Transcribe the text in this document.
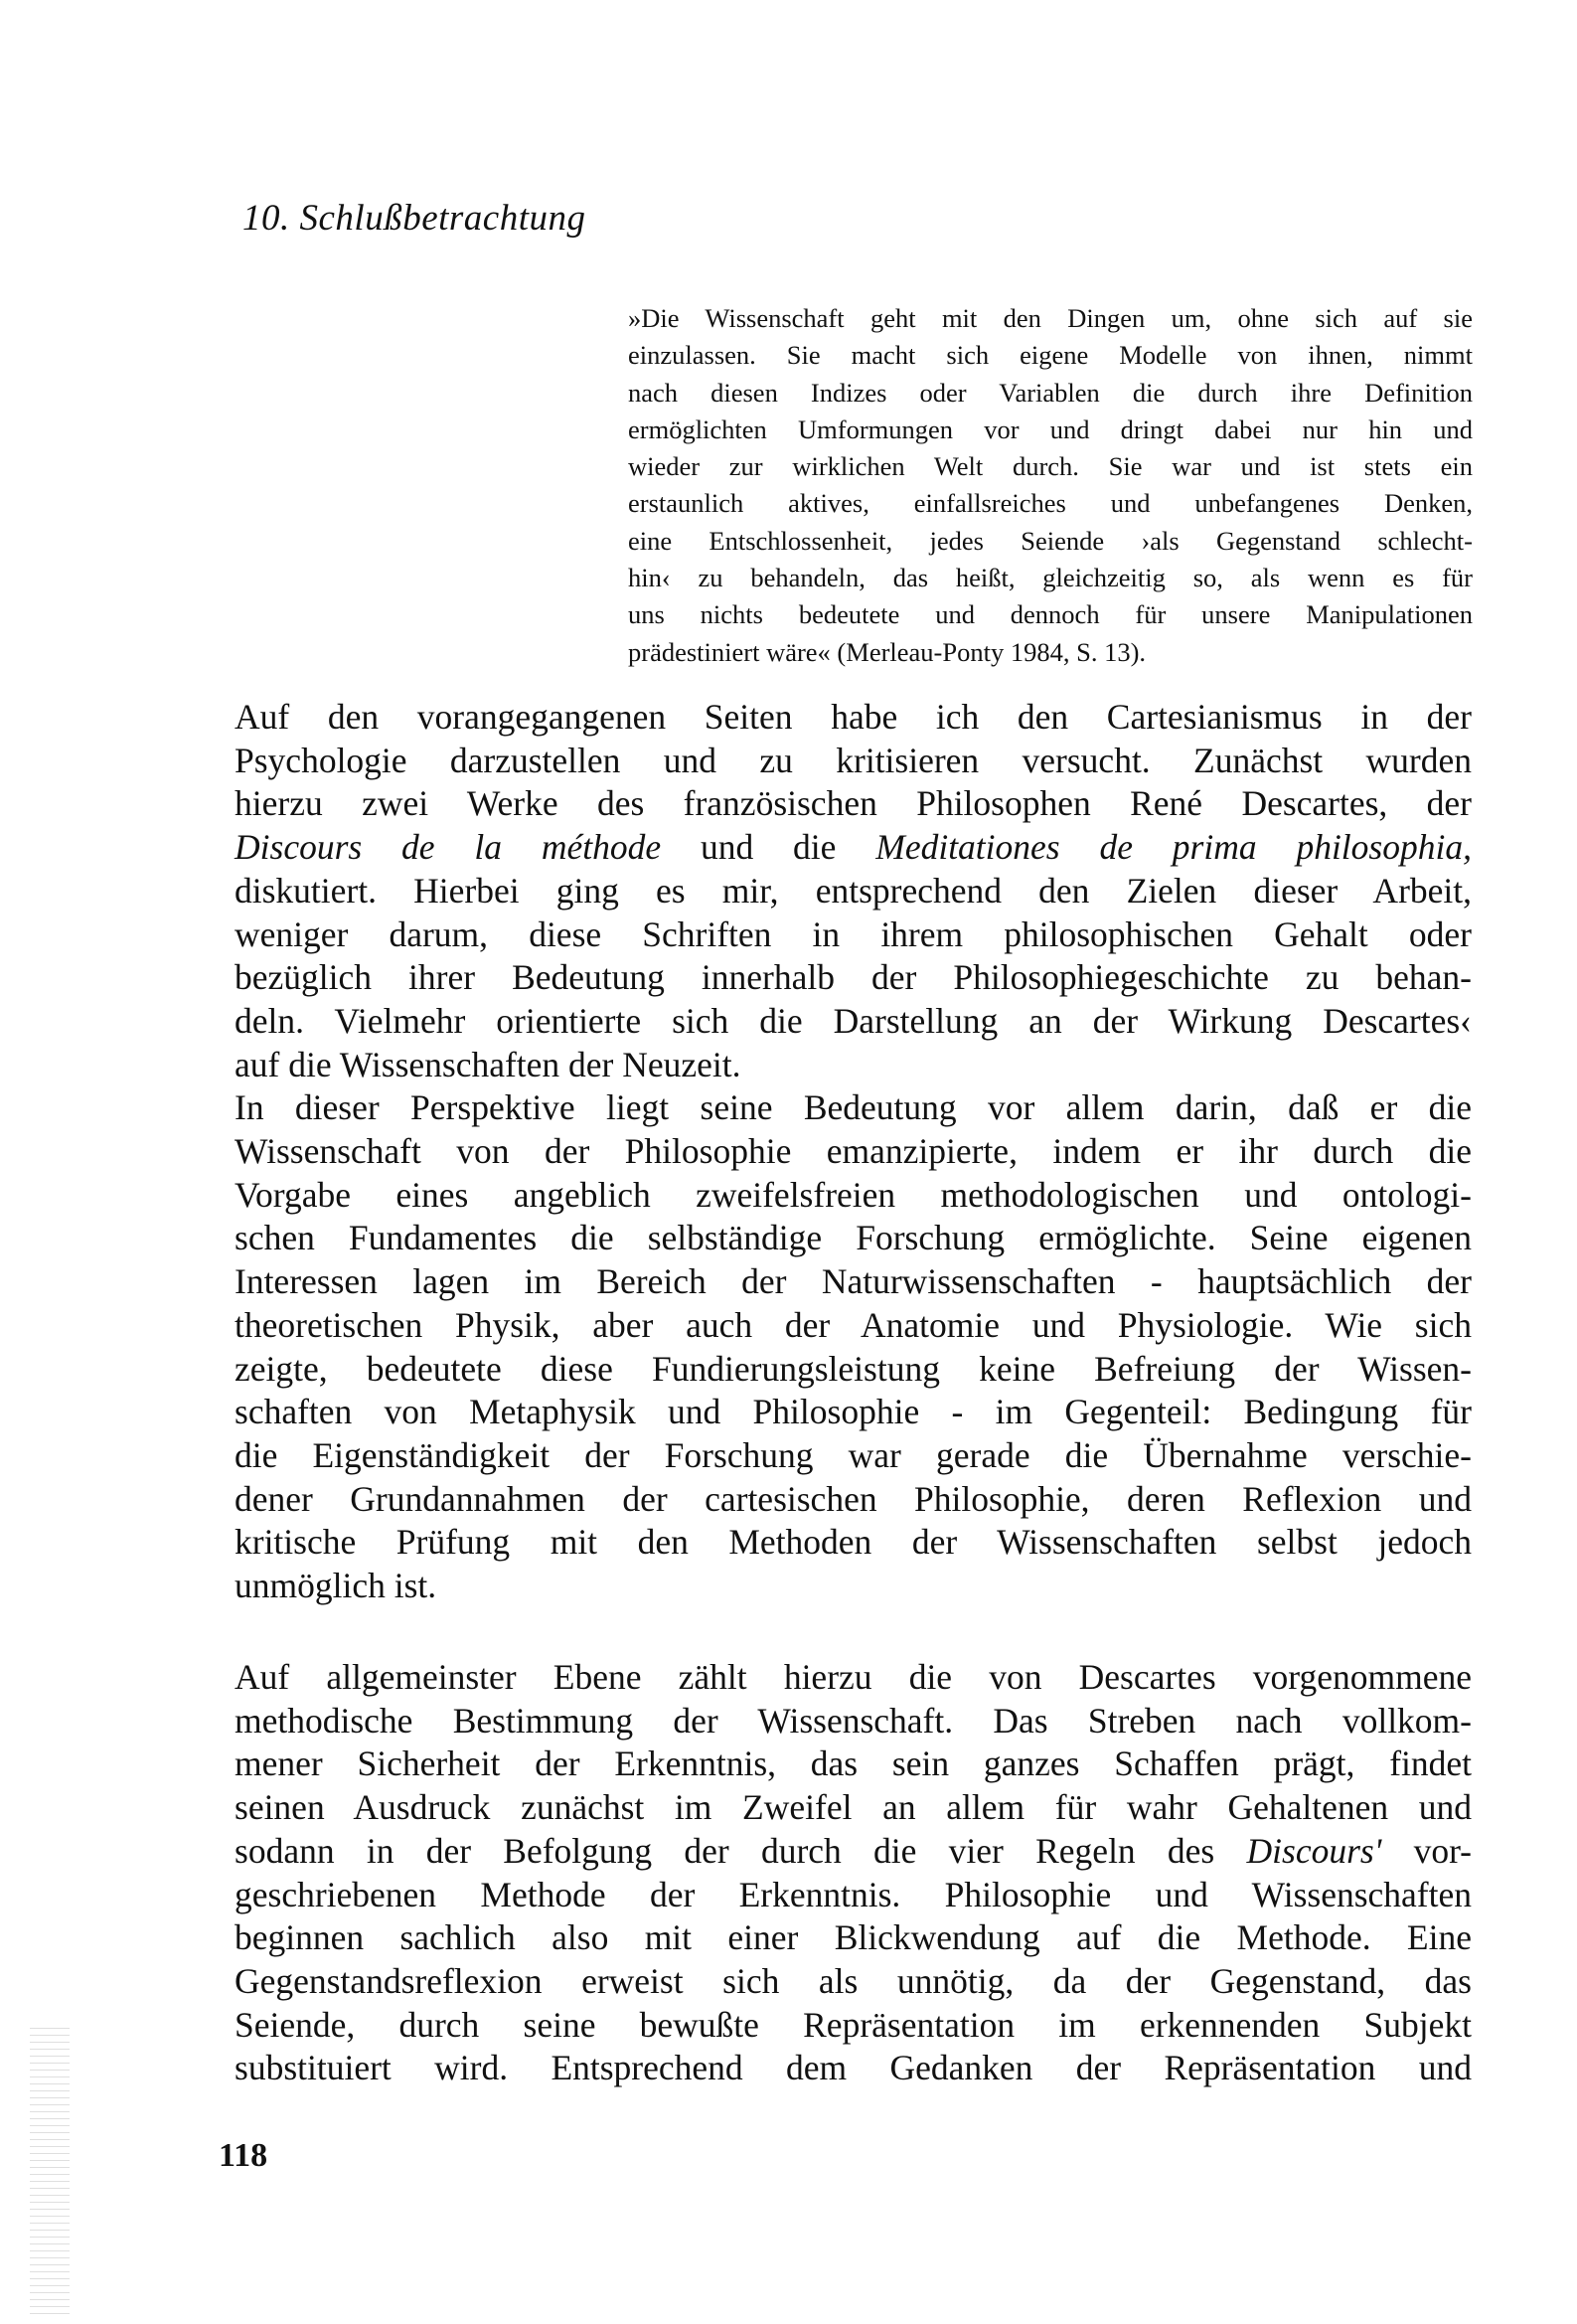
10. Schlußbetrachtung
»Die Wissenschaft geht mit den Dingen um, ohne sich auf sie
einzulassen. Sie macht sich eigene Modelle von ihnen, nimmt
nach diesen Indizes oder Variablen die durch ihre Definition
ermöglichten Umformungen vor und dringt dabei nur hin und
wieder zur wirklichen Welt durch. Sie war und ist stets ein
erstaunlich aktives, einfallsreiches und unbefangenes Denken,
eine Entschlossenheit, jedes Seiende ›als Gegenstand schlecht-
hin‹ zu behandeln, das heißt, gleichzeitig so, als wenn es für
uns nichts bedeutete und dennoch für unsere Manipulationen
prädestiniert wäre« (Merleau-Ponty 1984, S. 13).
Auf den vorangegangenen Seiten habe ich den Cartesianismus in der
Psychologie darzustellen und zu kritisieren versucht. Zunächst wurden
hierzu zwei Werke des französischen Philosophen René Descartes, der
Discours de la méthode und die Meditationes de prima philosophia,
diskutiert. Hierbei ging es mir, entsprechend den Zielen dieser Arbeit,
weniger darum, diese Schriften in ihrem philosophischen Gehalt oder
bezüglich ihrer Bedeutung innerhalb der Philosophiegeschichte zu behan-
deln. Vielmehr orientierte sich die Darstellung an der Wirkung Descartes‹
auf die Wissenschaften der Neuzeit.
In dieser Perspektive liegt seine Bedeutung vor allem darin, daß er die
Wissenschaft von der Philosophie emanzipierte, indem er ihr durch die
Vorgabe eines angeblich zweifelsfreien methodologischen und ontologi-
schen Fundamentes die selbständige Forschung ermöglichte. Seine eigenen
Interessen lagen im Bereich der Naturwissenschaften - hauptsächlich der
theoretischen Physik, aber auch der Anatomie und Physiologie. Wie sich
zeigte, bedeutete diese Fundierungsleistung keine Befreiung der Wissen-
schaften von Metaphysik und Philosophie - im Gegenteil: Bedingung für
die Eigenständigkeit der Forschung war gerade die Übernahme verschie-
dener Grundannahmen der cartesischen Philosophie, deren Reflexion und
kritische Prüfung mit den Methoden der Wissenschaften selbst jedoch
unmöglich ist.
Auf allgemeinster Ebene zählt hierzu die von Descartes vorgenommene
methodische Bestimmung der Wissenschaft. Das Streben nach vollkom-
mener Sicherheit der Erkenntnis, das sein ganzes Schaffen prägt, findet
seinen Ausdruck zunächst im Zweifel an allem für wahr Gehaltenen und
sodann in der Befolgung der durch die vier Regeln des Discours' vor-
geschriebenen Methode der Erkenntnis. Philosophie und Wissenschaften
beginnen sachlich also mit einer Blickwendung auf die Methode. Eine
Gegenstandsreflexion erweist sich als unnötig, da der Gegenstand, das
Seiende, durch seine bewußte Repräsentation im erkennenden Subjekt
substituiert wird. Entsprechend dem Gedanken der Repräsentation und
118
